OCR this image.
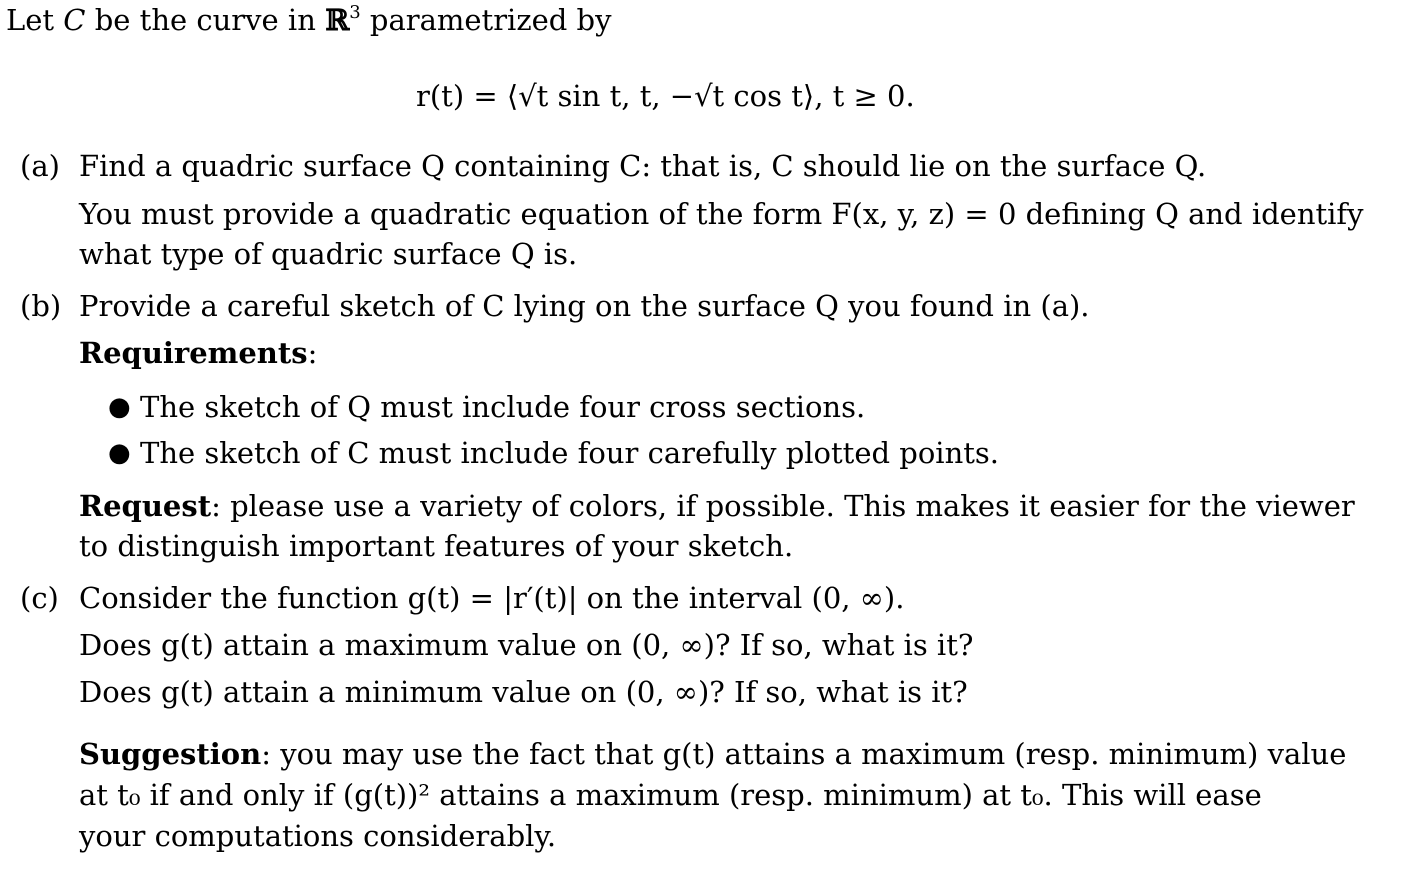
Let C be the curve in ℝ$^3$ parametrized by
r(t) = ⟨√t sin t, t, −√t cos t⟩, t ≥ 0.
(a) Find a quadric surface Q containing C: that is, C should lie on the surface Q.
You must provide a quadratic equation of the form F(x, y, z) = 0 defining Q and identify
what type of quadric surface Q is.
(b) Provide a careful sketch of C lying on the surface Q you found in (a).
Requirements:
● The sketch of Q must include four cross sections.
● The sketch of C must include four carefully plotted points.
Request: please use a variety of colors, if possible. This makes it easier for the viewer
to distinguish important features of your sketch.
(c) Consider the function g(t) = |r′(t)| on the interval (0, ∞).
Does g(t) attain a maximum value on (0, ∞)? If so, what is it?
Does g(t) attain a minimum value on (0, ∞)? If so, what is it?
Suggestion: you may use the fact that g(t) attains a maximum (resp. minimum) value
at t₀ if and only if (g(t))² attains a maximum (resp. minimum) at t₀. This will ease
your computations considerably.
